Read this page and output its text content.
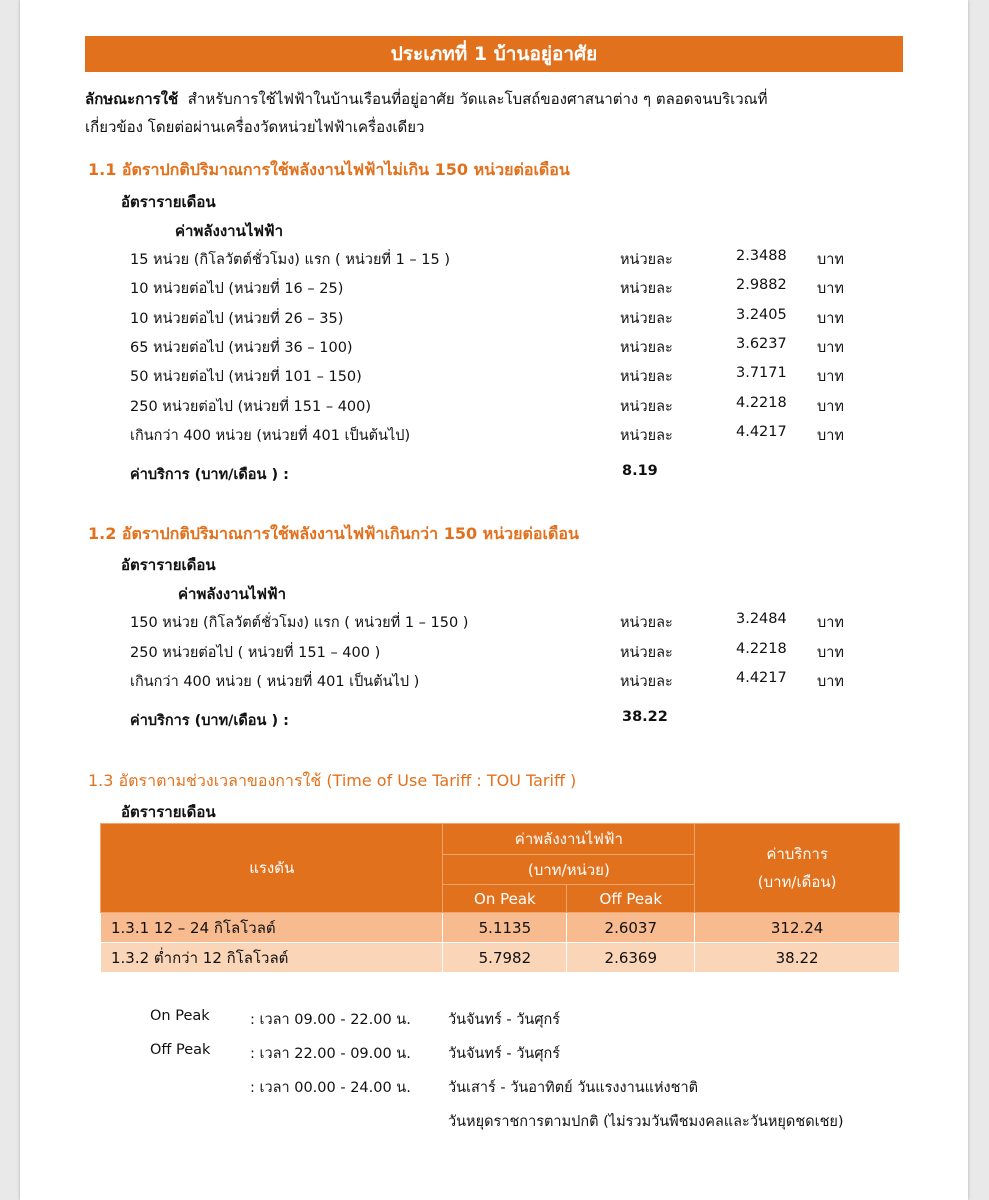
ประเภทที่ 1 บ้านอยู่อาศัย
ลักษณะการใช้ สำหรับการใช้ไฟฟ้าในบ้านเรือนที่อยู่อาศัย วัดและโบสถ์ของศาสนาต่าง ๆ ตลอดจนบริเวณที่
เกี่ยวข้อง โดยต่อผ่านเครื่องวัดหน่วยไฟฟ้าเครื่องเดียว
1.1 อัตราปกติปริมาณการใช้พลังงานไฟฟ้าไม่เกิน 150 หน่วยต่อเดือน
อัตรารายเดือน
ค่าพลังงานไฟฟ้า
15 หน่วย (กิโลวัตต์ชั่วโมง) แรก ( หน่วยที่ 1 – 15 )	หน่วยละ	2.3488 บาท
10 หน่วยต่อไป (หน่วยที่ 16 – 25)	หน่วยละ	2.9882 บาท
10 หน่วยต่อไป (หน่วยที่ 26 – 35)	หน่วยละ	3.2405 บาท
65 หน่วยต่อไป (หน่วยที่ 36 – 100)	หน่วยละ	3.6237 บาท
50 หน่วยต่อไป (หน่วยที่ 101 – 150)	หน่วยละ	3.7171 บาท
250 หน่วยต่อไป (หน่วยที่ 151 – 400)	หน่วยละ	4.2218 บาท
เกินกว่า 400 หน่วย (หน่วยที่ 401 เป็นต้นไป)	หน่วยละ	4.4217 บาท
ค่าบริการ (บาท/เดือน ) :	8.19
1.2 อัตราปกติปริมาณการใช้พลังงานไฟฟ้าเกินกว่า 150 หน่วยต่อเดือน
อัตรารายเดือน
ค่าพลังงานไฟฟ้า
150 หน่วย (กิโลวัตต์ชั่วโมง) แรก ( หน่วยที่ 1 – 150 )	หน่วยละ	3.2484 บาท
250 หน่วยต่อไป ( หน่วยที่ 151 – 400 )	หน่วยละ	4.2218 บาท
เกินกว่า 400 หน่วย ( หน่วยที่ 401 เป็นต้นไป )	หน่วยละ	4.4217 บาท
ค่าบริการ (บาท/เดือน ) :	38.22
1.3 อัตราตามช่วงเวลาของการใช้ (Time of Use Tariff : TOU Tariff )
อัตรารายเดือน
แรงดัน	ค่าพลังงานไฟฟ้า		ค่าบริการ
(บาท/เดือน)

	(บาท/หน่วย)		
	On Peak	Off Peak	
1.3.1 12 – 24 กิโลโวลต์	5.1135	2.6037	312.24
1.3.2 ต่ำกว่า 12 กิโลโวลต์	5.7982	2.6369	38.22
On Peak	: เวลา 09.00 - 22.00 น.	วันจันทร์ - วันศุกร์
Off Peak	: เวลา 22.00 - 09.00 น.	วันจันทร์ - วันศุกร์
: เวลา 00.00 - 24.00 น.	วันเสาร์ - วันอาทิตย์ วันแรงงานแห่งชาติ
วันหยุดราชการตามปกติ (ไม่รวมวันพืชมงคลและวันหยุดชดเชย)
